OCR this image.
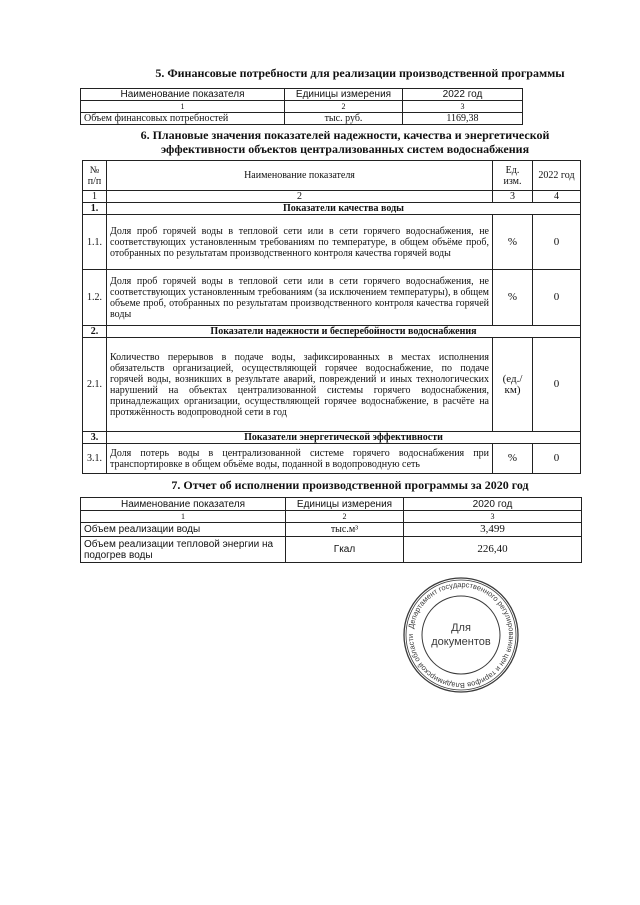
5. Финансовые потребности для реализации производственной программы
Наименование показателя	Единицы измерения	2022 год
1	2	3
Объем финансовых потребностей	тыс. руб.	1169,38
6. Плановые значения показателей надежности, качества и энергетической
эффективности объектов централизованных систем водоснабжения
№ п/п	Наименование показателя	Ед. изм.	2022 год
1	2	3	4
1.	Показатели качества воды		
1.1.	Доля проб горячей воды в тепловой сети или в сети горячего водоснабжения, не соответствующих установленным требованиям по температуре, в общем объёме проб, отобранных по результатам производственного контроля качества горячей воды	%	0
1.2.	Доля проб горячей воды в тепловой сети или в сети горячего водоснабжения, не соответствующих установленным требованиям (за исключением температуры), в общем объеме проб, отобранных по результатам производственного контроля качества горячей воды	%	0
2.	Показатели надежности и бесперебойности водоснабжения		
2.1.	Количество перерывов в подаче воды, зафиксированных в местах исполнения обязательств организацией, осуществляющей горячее водоснабжение, по подаче горячей воды, возникших в результате аварий, повреждений и иных технологических нарушений на объектах централизованной системы горячего водоснабжения, принадлежащих организации, осуществляющей горячее водоснабжение, в расчёте на протяжённость водопроводной сети в год	(ед./км)	0
3.	Показатели энергетической эффективности		
3.1.	Доля потерь воды в централизованной системе горячего водоснабжения при транспортировке в общем объёме воды, поданной в водопроводную сеть	%	0
7. Отчет об исполнении производственной программы за 2020 год
Наименование показателя	Единицы измерения	2020 год
1	2	3
Объем реализации воды	тыс.м³	3,499
Объем реализации тепловой энергии на подогрев воды	Гкал	226,40
Департамент государственного регулирования цен и тарифов Владимирской области
Для
документов
